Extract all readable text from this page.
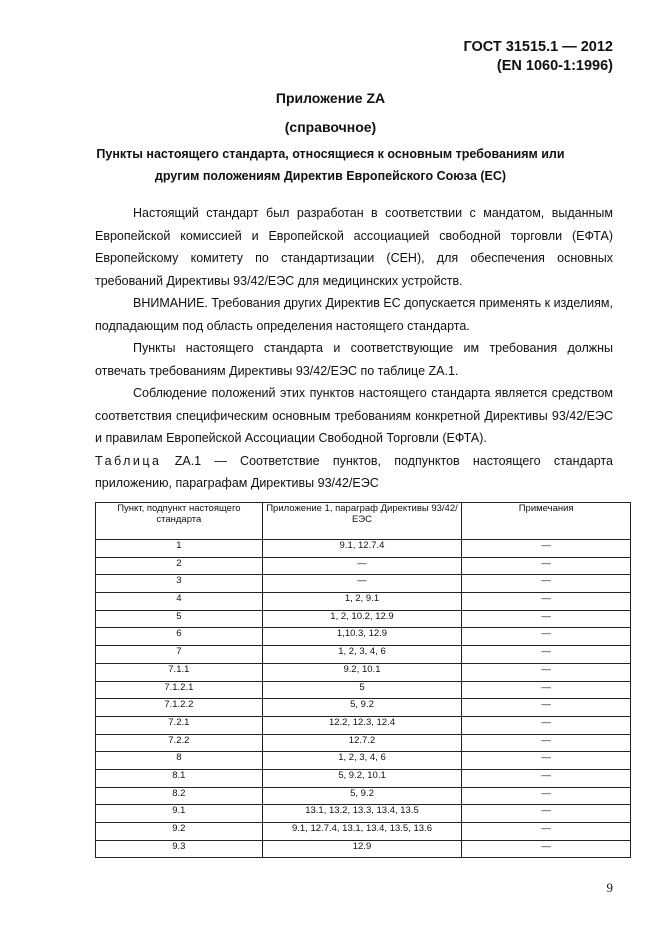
ГОСТ 31515.1 — 2012
(EN 1060-1:1996)
Приложение ZA
(справочное)
Пункты настоящего стандарта, относящиеся к основным требованиям или
другим положениям Директив Европейского Союза (ЕС)

Настоящий стандарт был разработан в соответствии с мандатом, выданным Европейской комиссией и Европейской ассоциацией свободной торговли (ЕФТА) Европейскому комитету по стандартизации (СЕН), для обеспечения основных требований Директивы 93/42/ЕЭС для медицинских устройств.

ВНИМАНИЕ. Требования других Директив ЕС допускается применять к изделиям, подпадающим под область определения настоящего стандарта.

Пункты настоящего стандарта и соответствующие им требования должны отвечать требованиям Директивы 93/42/ЕЭС по таблице ZA.1.

Соблюдение положений этих пунктов настоящего стандарта является средством соответствия специфическим основным требованиям конкретной Директивы 93/42/ЕЭС и правилам Европейской Ассоциации Свободной Торговли (ЕФТА).

Таблица ZA.1 — Соответствие пунктов, подпунктов настоящего стандарта приложению, параграфам Директивы 93/42/ЕЭС

Пункт, подпункт настоящего стандарта	Приложение 1, параграф Директивы 93/42/ЕЭС	Примечания
1	9.1, 12.7.4	—
2	—	—
3	—	—
4	1, 2, 9.1	—
5	1, 2, 10.2, 12.9	—
6	1,10.3, 12.9	—
7	1, 2, 3, 4, 6	—
7.1.1	9.2, 10.1	—
7.1.2.1	5	—
7.1.2.2	5, 9.2	—
7.2.1	12.2, 12.3, 12.4	—
7.2.2	12.7.2	—
8	1, 2, 3, 4, 6	—
8.1	5, 9.2, 10.1	—
8.2	5, 9.2	—
9.1	13.1, 13.2, 13.3, 13.4, 13.5	—
9.2	9.1, 12.7.4, 13.1, 13.4, 13.5, 13.6	—
9.3	12.9	—
9
